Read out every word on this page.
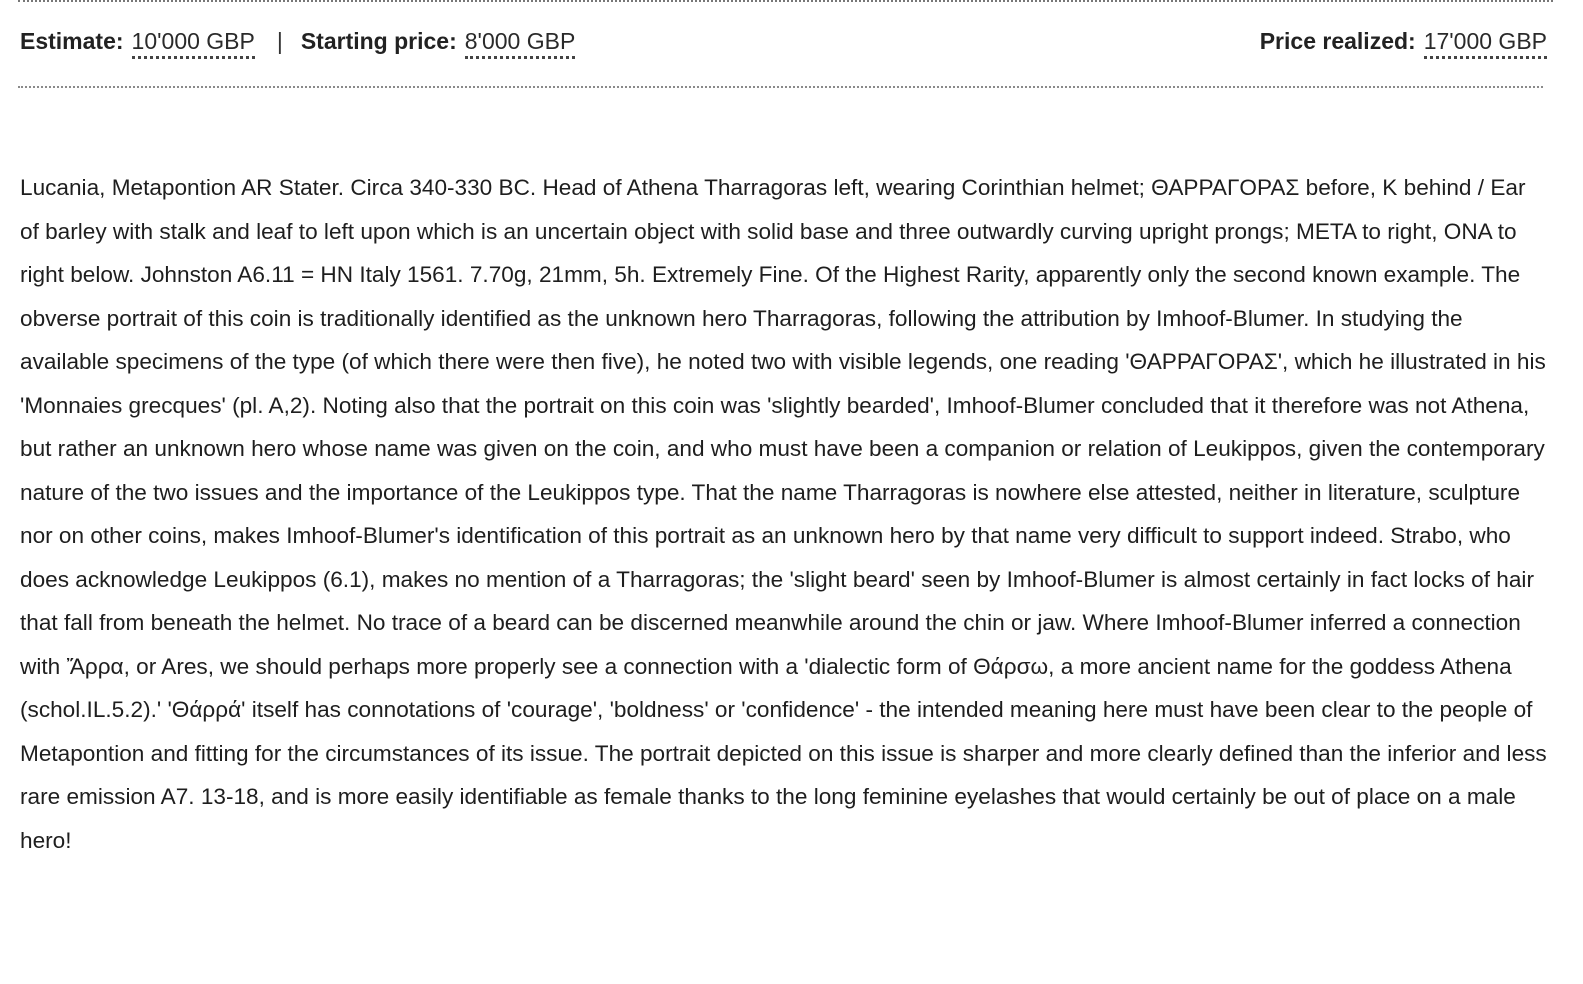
Estimate: 10'000 GBP | Starting price: 8'000 GBP	Price realized: 17'000 GBP

Lucania, Metapontion AR Stater. Circa 340-330 BC. Head of Athena Tharragoras left, wearing Corinthian helmet; ΘΑΡΡΑΓΟΡΑΣ before, K behind / Ear of barley with stalk and leaf to left upon which is an uncertain object with solid base and three outwardly curving upright prongs; META to right, ONA to right below. Johnston A6.11 = HN Italy 1561. 7.70g, 21mm, 5h. Extremely Fine. Of the Highest Rarity, apparently only the second known example. The obverse portrait of this coin is traditionally identified as the unknown hero Tharragoras, following the attribution by Imhoof-Blumer. In studying the available specimens of the type (of which there were then five), he noted two with visible legends, one reading 'ΘΑΡΡΑΓΟΡΑΣ', which he illustrated in his 'Monnaies grecques' (pl. A,2). Noting also that the portrait on this coin was 'slightly bearded', Imhoof-Blumer concluded that it therefore was not Athena, but rather an unknown hero whose name was given on the coin, and who must have been a companion or relation of Leukippos, given the contemporary nature of the two issues and the importance of the Leukippos type. That the name Tharragoras is nowhere else attested, neither in literature, sculpture nor on other coins, makes Imhoof-Blumer's identification of this portrait as an unknown hero by that name very difficult to support indeed. Strabo, who does acknowledge Leukippos (6.1), makes no mention of a Tharragoras; the 'slight beard' seen by Imhoof-Blumer is almost certainly in fact locks of hair that fall from beneath the helmet. No trace of a beard can be discerned meanwhile around the chin or jaw. Where Imhoof-Blumer inferred a connection with Ἄρρα, or Ares, we should perhaps more properly see a connection with a 'dialectic form of Θάρσω, a more ancient name for the goddess Athena (schol.IL.5.2).' 'Θάρρά' itself has connotations of 'courage', 'boldness' or 'confidence' - the intended meaning here must have been clear to the people of Metapontion and fitting for the circumstances of its issue. The portrait depicted on this issue is sharper and more clearly defined than the inferior and less rare emission A7. 13-18, and is more easily identifiable as female thanks to the long feminine eyelashes that would certainly be out of place on a male hero!
